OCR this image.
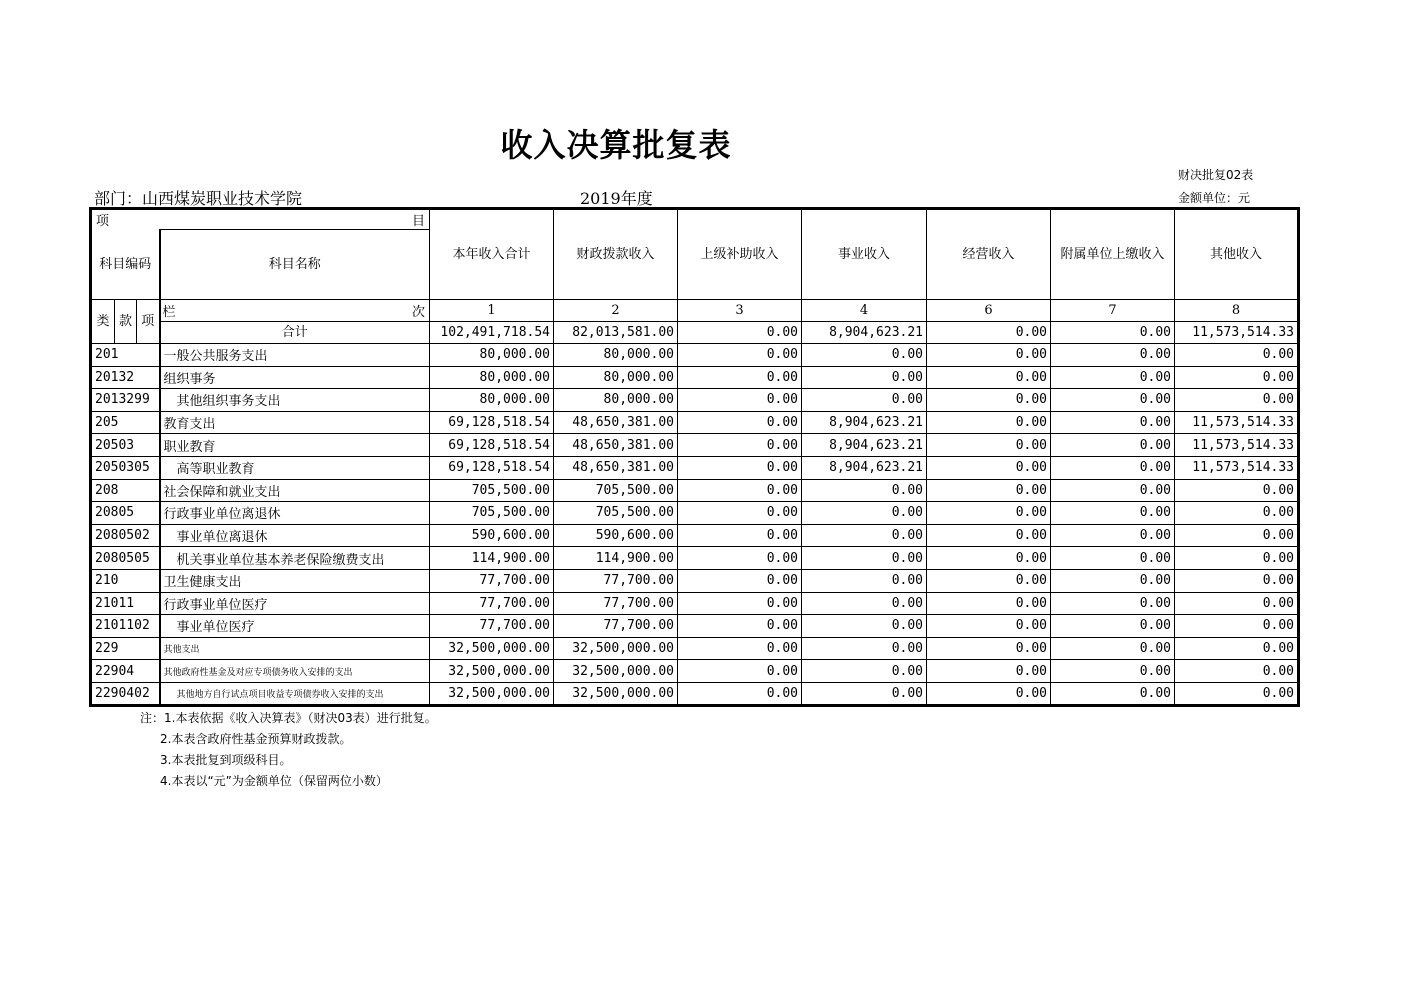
收入决算批复表
财决批复02表
金额单位：元
部门：山西煤炭职业技术学院	2019年度
项 目				本年收入合计	财政拨款收入	上级补助收入	事业收入	经营收入	附属单位上缴收入	其他收入
科目编码			科目名称							
类	款	项	栏 次	1	2	3	4	6	7	8
			合计	102,491,718.54	82,013,581.00	0.00	8,904,623.21	0.00	0.00	11,573,514.33
201			一般公共服务支出	80,000.00	80,000.00	0.00	0.00	0.00	0.00	0.00
20132			组织事务	80,000.00	80,000.00	0.00	0.00	0.00	0.00	0.00
2013299			其他组织事务支出	80,000.00	80,000.00	0.00	0.00	0.00	0.00	0.00
205			教育支出	69,128,518.54	48,650,381.00	0.00	8,904,623.21	0.00	0.00	11,573,514.33
20503			职业教育	69,128,518.54	48,650,381.00	0.00	8,904,623.21	0.00	0.00	11,573,514.33
2050305			高等职业教育	69,128,518.54	48,650,381.00	0.00	8,904,623.21	0.00	0.00	11,573,514.33
208			社会保障和就业支出	705,500.00	705,500.00	0.00	0.00	0.00	0.00	0.00
20805			行政事业单位离退休	705,500.00	705,500.00	0.00	0.00	0.00	0.00	0.00
2080502			事业单位离退休	590,600.00	590,600.00	0.00	0.00	0.00	0.00	0.00
2080505			机关事业单位基本养老保险缴费支出	114,900.00	114,900.00	0.00	0.00	0.00	0.00	0.00
210			卫生健康支出	77,700.00	77,700.00	0.00	0.00	0.00	0.00	0.00
21011			行政事业单位医疗	77,700.00	77,700.00	0.00	0.00	0.00	0.00	0.00
2101102			事业单位医疗	77,700.00	77,700.00	0.00	0.00	0.00	0.00	0.00
229			其他支出	32,500,000.00	32,500,000.00	0.00	0.00	0.00	0.00	0.00
22904			其他政府性基金及对应专项债务收入安排的支出	32,500,000.00	32,500,000.00	0.00	0.00	0.00	0.00	0.00
2290402			其他地方自行试点项目收益专项债券收入安排的支出	32,500,000.00	32,500,000.00	0.00	0.00	0.00	0.00	0.00
注：1.本表依据《收入决算表》（财决03表）进行批复。
2.本表含政府性基金预算财政拨款。
3.本表批复到项级科目。
4.本表以“元”为金额单位（保留两位小数）
